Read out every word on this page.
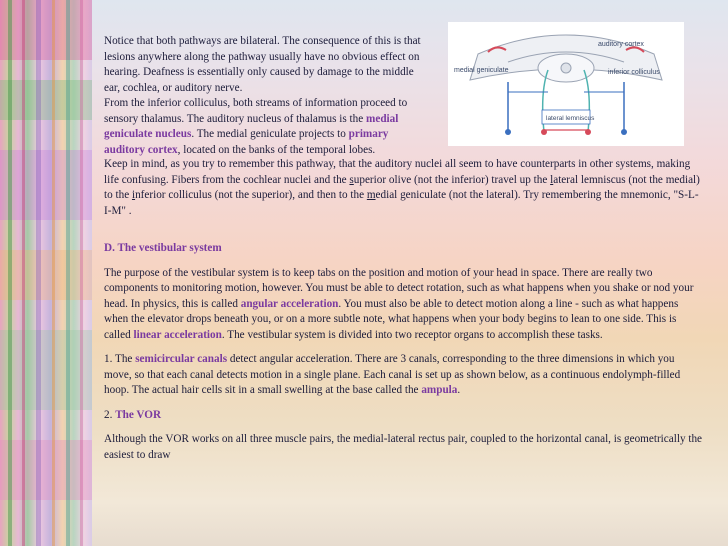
Notice that both pathways are bilateral. The consequence of this is that lesions anywhere along the pathway usually have no obvious effect on hearing. Deafness is essentially only caused by damage to the middle ear, cochlea, or auditory nerve.

From the inferior colliculus, both streams of information proceed to sensory thalamus. The auditory nucleus of thalamus is the medial geniculate nucleus. The medial geniculate projects to primary auditory cortex, located on the banks of the temporal lobes.

auditory cortex
medial geniculate	inferior colliculus
lateral lemniscus

Keep in mind, as you try to remember this pathway, that the auditory nuclei all seem to have counterparts in other systems, making life confusing. Fibers from the cochlear nuclei and the superior olive (not the inferior) travel up the lateral lemniscus (not the medial) to the inferior colliculus (not the superior), and then to the medial geniculate (not the lateral). Try remembering the mnemonic, "S-L-I-M" .

D. The vestibular system

The purpose of the vestibular system is to keep tabs on the position and motion of your head in space. There are really two components to monitoring motion, however. You must be able to detect rotation, such as what happens when you shake or nod your head. In physics, this is called angular acceleration. You must also be able to detect motion along a line - such as what happens when the elevator drops beneath you, or on a more subtle note, what happens when your body begins to lean to one side. This is called linear acceleration. The vestibular system is divided into two receptor organs to accomplish these tasks.

1. The semicircular canals detect angular acceleration. There are 3 canals, corresponding to the three dimensions in which you move, so that each canal detects motion in a single plane. Each canal is set up as shown below, as a continuous endolymph-filled hoop. The actual hair cells sit in a small swelling at the base called the ampula.

2. The VOR

Although the VOR works on all three muscle pairs, the medial-lateral rectus pair, coupled to the horizontal canal, is geometrically the easiest to draw
